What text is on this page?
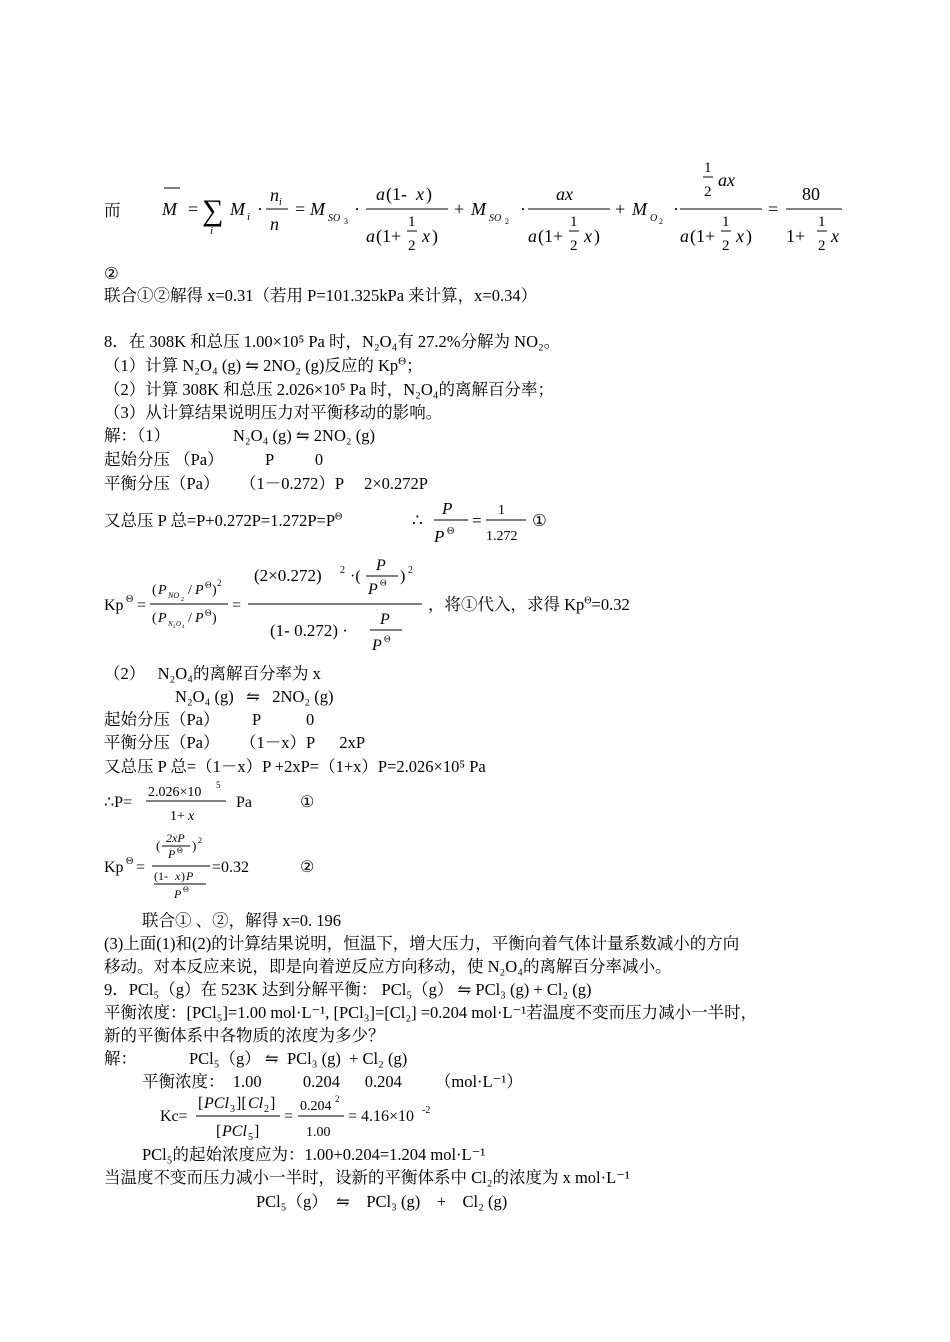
而 M = ∑
i
M i ·
n i
n
= M SO 3
·
a (1- x )
a (1+
1
2 x )
+ M SO 2
·
ax
a (1+
1
2 x )
+ M O 2
·
1
2
ax
a (1+
1
2 x )
=
80
1+
1
2 x
②
联合①②解得 x=0.31（若用 P=101.325kPa 来计算，x=0.34）
8．在 308K 和总压 1.00×10⁵ Pa 时，N₂O₄有 27.2%分解为 NO₂。
（1）计算 N₂O₄ (g) ⇋ 2NO₂ (g)反应的 $Kp^\Theta$；
（2）计算 308K 和总压 2.026×10⁵ Pa 时，N₂O₄的离解百分率；
（3）从计算结果说明压力对平衡移动的影响。
解：（1）	N₂O₄ (g) ⇋ 2NO₂ (g)
起始分压 （Pa）	P          0
平衡分压（Pa） （1－0.272）P     2×0.272P
又总压 P 总$=P+0.272P=1.272P=P^\Theta$	∴
P
P Θ
=
1
1.272
①
Kp Θ =
( P NO 2
/ P Θ ) 2
( P N 2 O 4
/ P Θ )
=
(2×0.272) 2 ·(
P
P Θ ) 2
(1- 0.272) ·
P
P Θ
，将①代入，求得 $Kp^\Theta=0.32$
（2）   N₂O₄的离解百分率为 x
N₂O₄ (g)   ⇋   2NO₂ (g)
起始分压（Pa） P           0
平衡分压（Pa） （1－x）P      2xP
又总压 P 总=（1－x）P +2xP=（1+x）P=2.026×10⁵ Pa
∴P=
2.026×10 5
1+ x
Pa	①
Kp Θ =
( 2xP
P Θ ) 2
(1- x ) P
P Θ
=0.32	②
联合① 、②，解得 x=0. 196
(3)上面(1)和(2)的计算结果说明，恒温下，增大压力，平衡向着气体计量系数减小的方向
移动。对本反应来说，即是向着逆反应方向移动，使 N₂O₄的离解百分率减小。
9．PCl₅（g）在 523K 达到分解平衡： PCl₅（g） ⇋ PCl₃ (g) + Cl₂ (g)
平衡浓度：[PCl₅]=1.00 mol·L⁻¹, [PCl₃]=[Cl₂] =0.204 mol·L⁻¹若温度不变而压力减小一半时，
新的平衡体系中各物质的浓度为多少？
解：	PCl₅（g） ⇋  PCl₃ (g)  + Cl₂ (g)
平衡浓度：  1.00          0.204      0.204        （mol·L⁻¹）
Kc=
[ PCl 3 ][ Cl 2 ]
[ PCl 5 ]
=
0.204 2
1.00
= 4.16×10 -2
PCl₅的起始浓度应为：1.00+0.204=1.204 mol·L⁻¹
当温度不变而压力减小一半时，设新的平衡体系中 Cl₂的浓度为 x mol·L⁻¹
PCl₅（g）  ⇋    PCl₃ (g)    +    Cl₂ (g)
